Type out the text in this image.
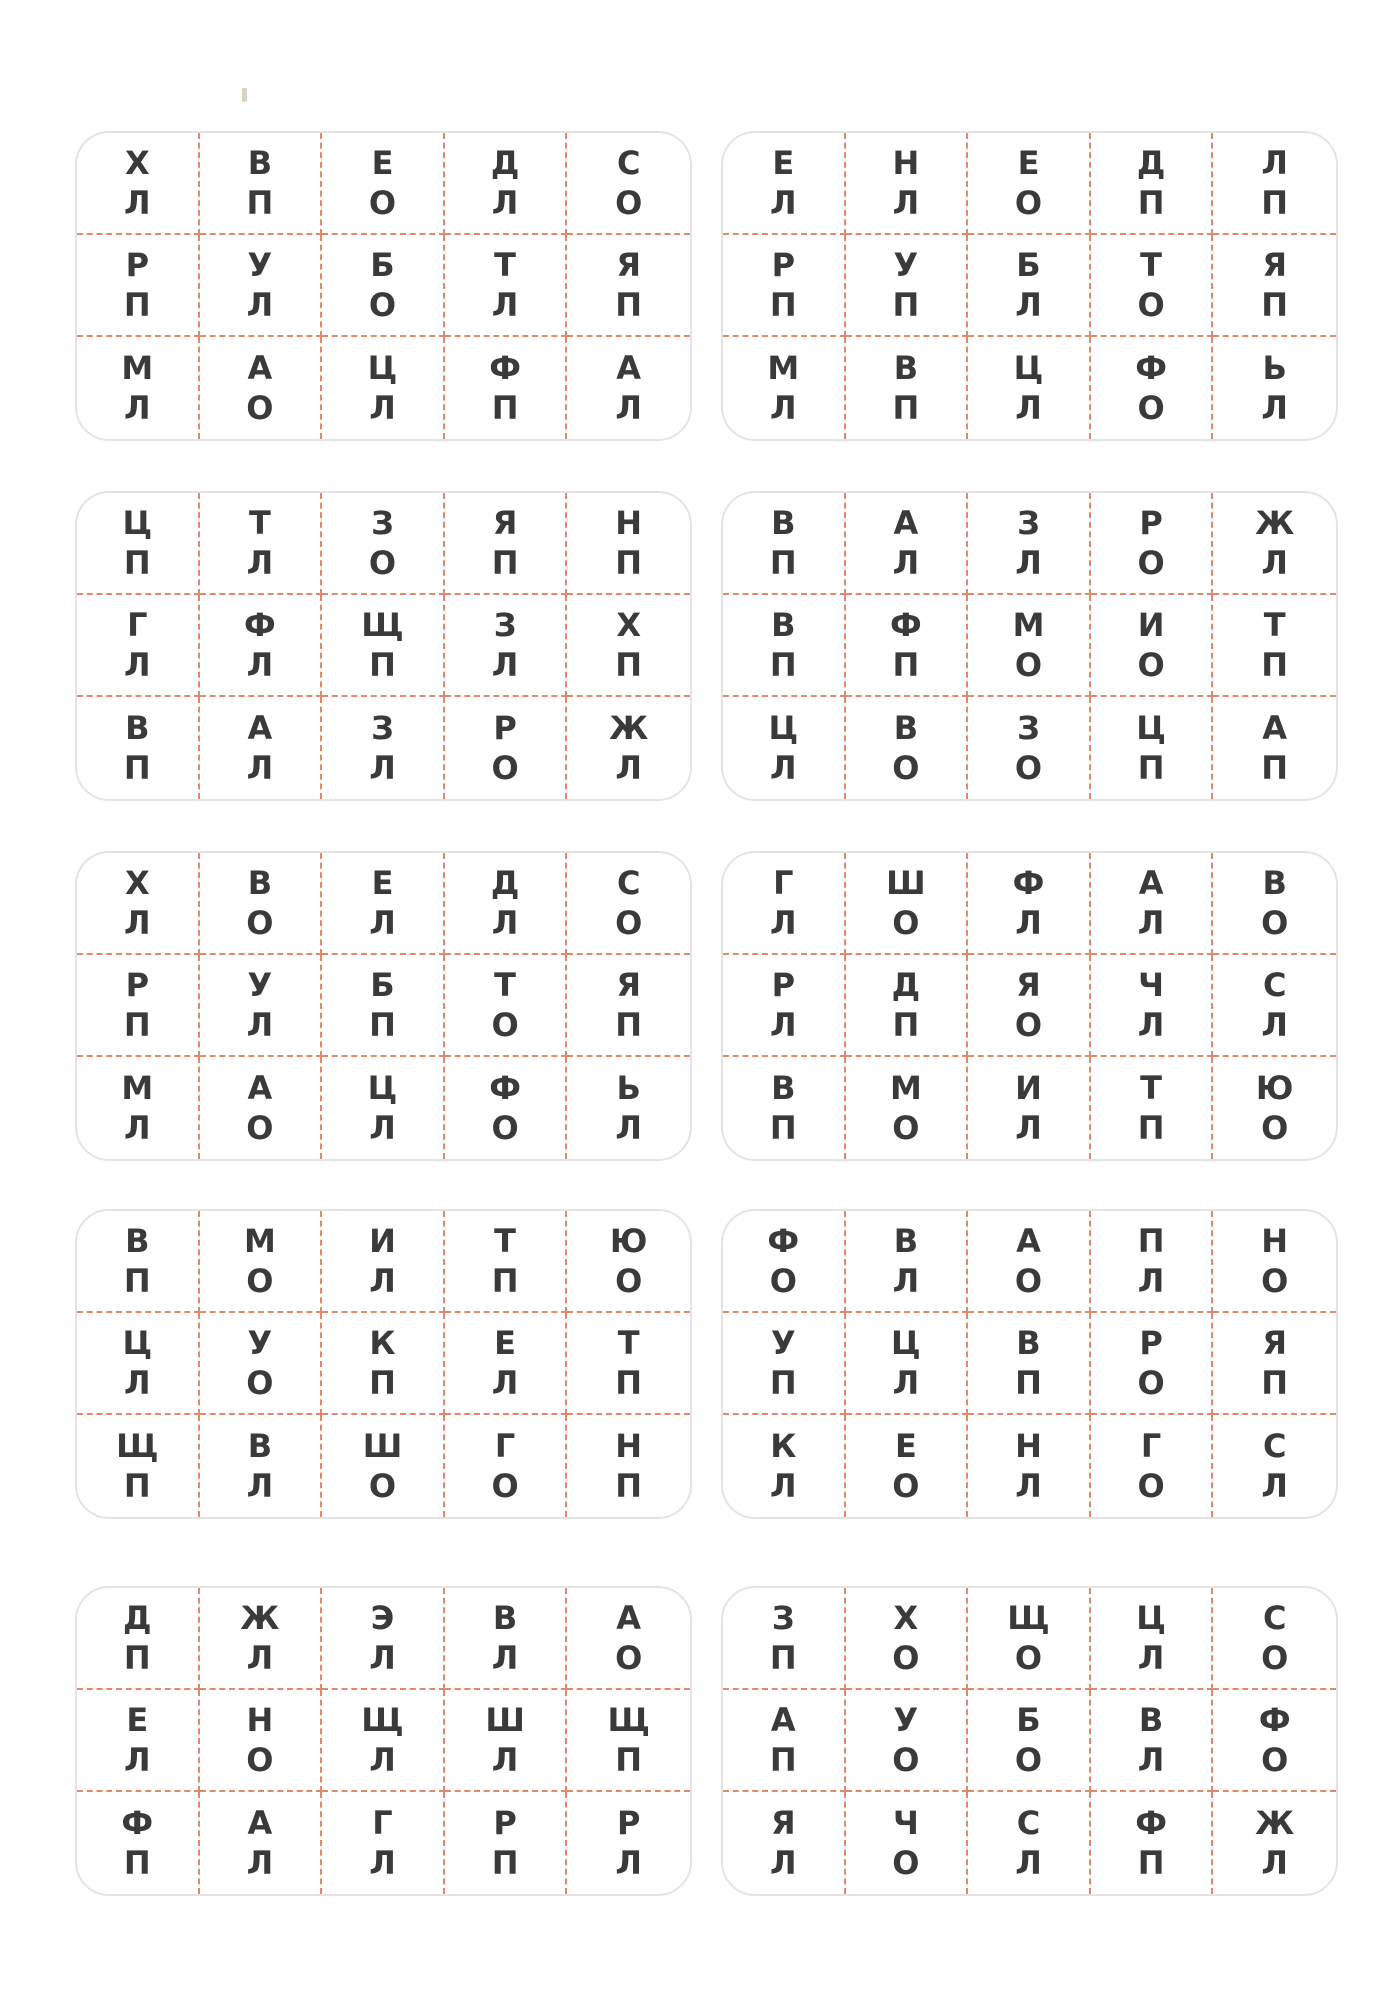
Х
Л
В
П
Е
О
Д
Л
С
О
Р
П
У
Л
Б
О
Т
Л
Я
П
М
Л
А
О
Ц
Л
Ф
П
А
Л
Е
Л
Н
Л
Е
О
Д
П
Л
П
Р
П
У
П
Б
Л
Т
О
Я
П
М
Л
В
П
Ц
Л
Ф
О
Ь
Л
Ц
П
Т
Л
З
О
Я
П
Н
П
Г
Л
Ф
Л
Щ
П
З
Л
Х
П
В
П
А
Л
З
Л
Р
О
Ж
Л
В
П
А
Л
З
Л
Р
О
Ж
Л
В
П
Ф
П
М
О
И
О
Т
П
Ц
Л
В
О
З
О
Ц
П
А
П
Х
Л
В
О
Е
Л
Д
Л
С
О
Р
П
У
Л
Б
П
Т
О
Я
П
М
Л
А
О
Ц
Л
Ф
О
Ь
Л
Г
Л
Ш
О
Ф
Л
А
Л
В
О
Р
Л
Д
П
Я
О
Ч
Л
С
Л
В
П
М
О
И
Л
Т
П
Ю
О
В
П
М
О
И
Л
Т
П
Ю
О
Ц
Л
У
О
К
П
Е
Л
Т
П
Щ
П
В
Л
Ш
О
Г
О
Н
П
Ф
О
В
Л
А
О
П
Л
Н
О
У
П
Ц
Л
В
П
Р
О
Я
П
К
Л
Е
О
Н
Л
Г
О
С
Л
Д
П
Ж
Л
Э
Л
В
Л
А
О
Е
Л
Н
О
Щ
Л
Ш
Л
Щ
П
Ф
П
А
Л
Г
Л
Р
П
Р
Л
З
П
Х
О
Щ
О
Ц
Л
С
О
А
П
У
О
Б
О
В
Л
Ф
О
Я
Л
Ч
О
С
Л
Ф
П
Ж
Л
